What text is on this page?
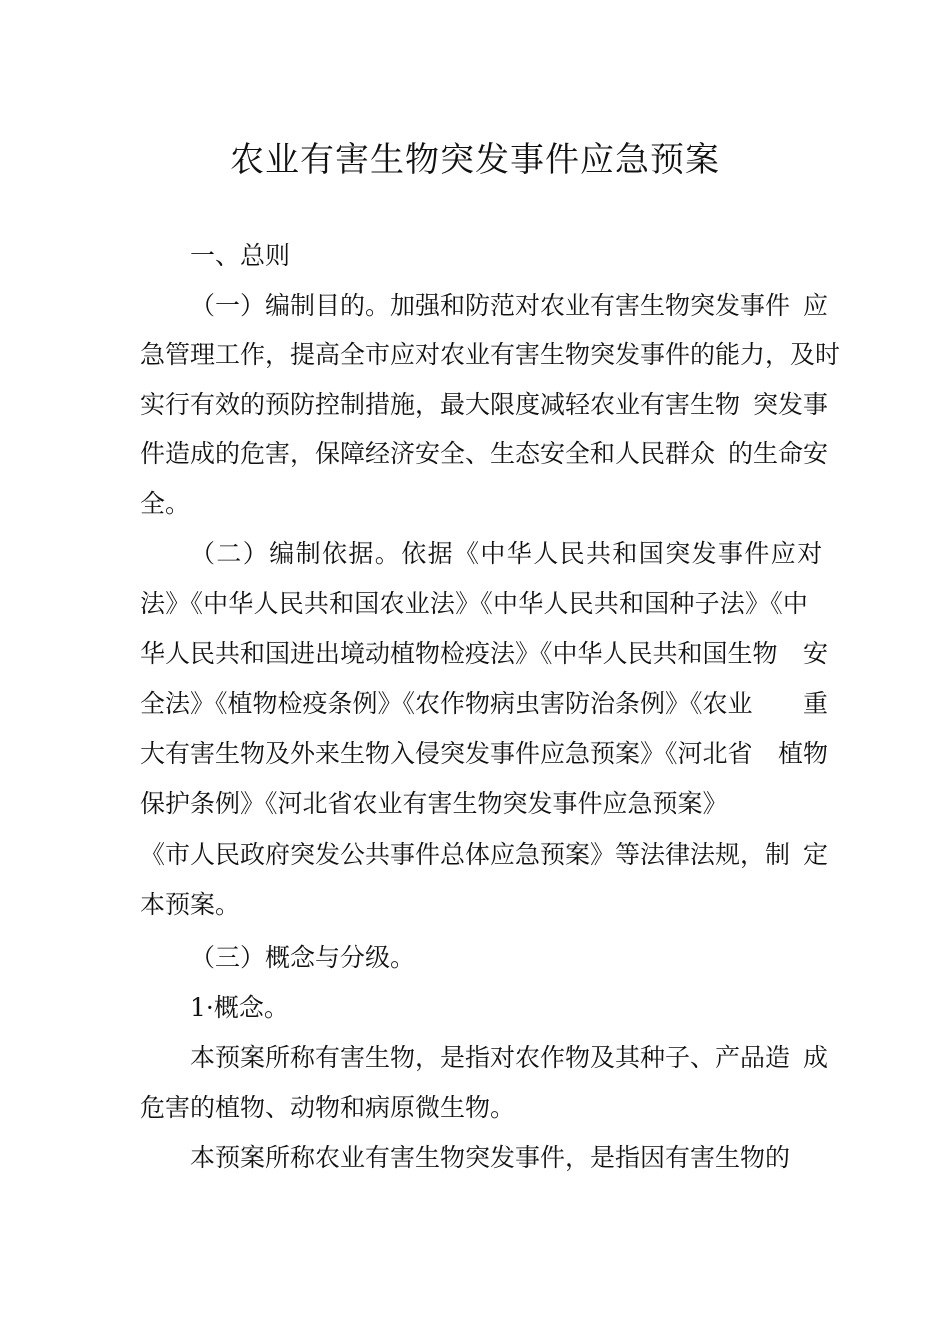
农业有害生物突发事件应急预案
一、总则
（一）编制目的。加强和防范对农业有害生物突发事件 应
急管理工作，提高全市应对农业有害生物突发事件的能力， 及时
实行有效的预防控制措施，最大限度减轻农业有害生物 突发事
件造成的危害，保障经济安全、生态安全和人民群众 的生命安
全。
（二）编制依据。依据《中华人民共和国突发事件应对
法》《中华人民共和国农业法》《中华人民共和国种子法》《中
华人民共和国进出境动植物检疫法》《中华人民共和国生物 安
全法》《植物检疫条例》《农作物病虫害防治条例》《农业 重
大有害生物及外来生物入侵突发事件应急预案》《河北省 植物
保护条例》《河北省农业有害生物突发事件应急预案》
《市人民政府突发公共事件总体应急预案》等法律法规，制 定
本预案。
（三）概念与分级。
1·概念。
本预案所称有害生物，是指对农作物及其种子、产品造 成
危害的植物、动物和病原微生物。
本预案所称农业有害生物突发事件，是指因有害生物的
